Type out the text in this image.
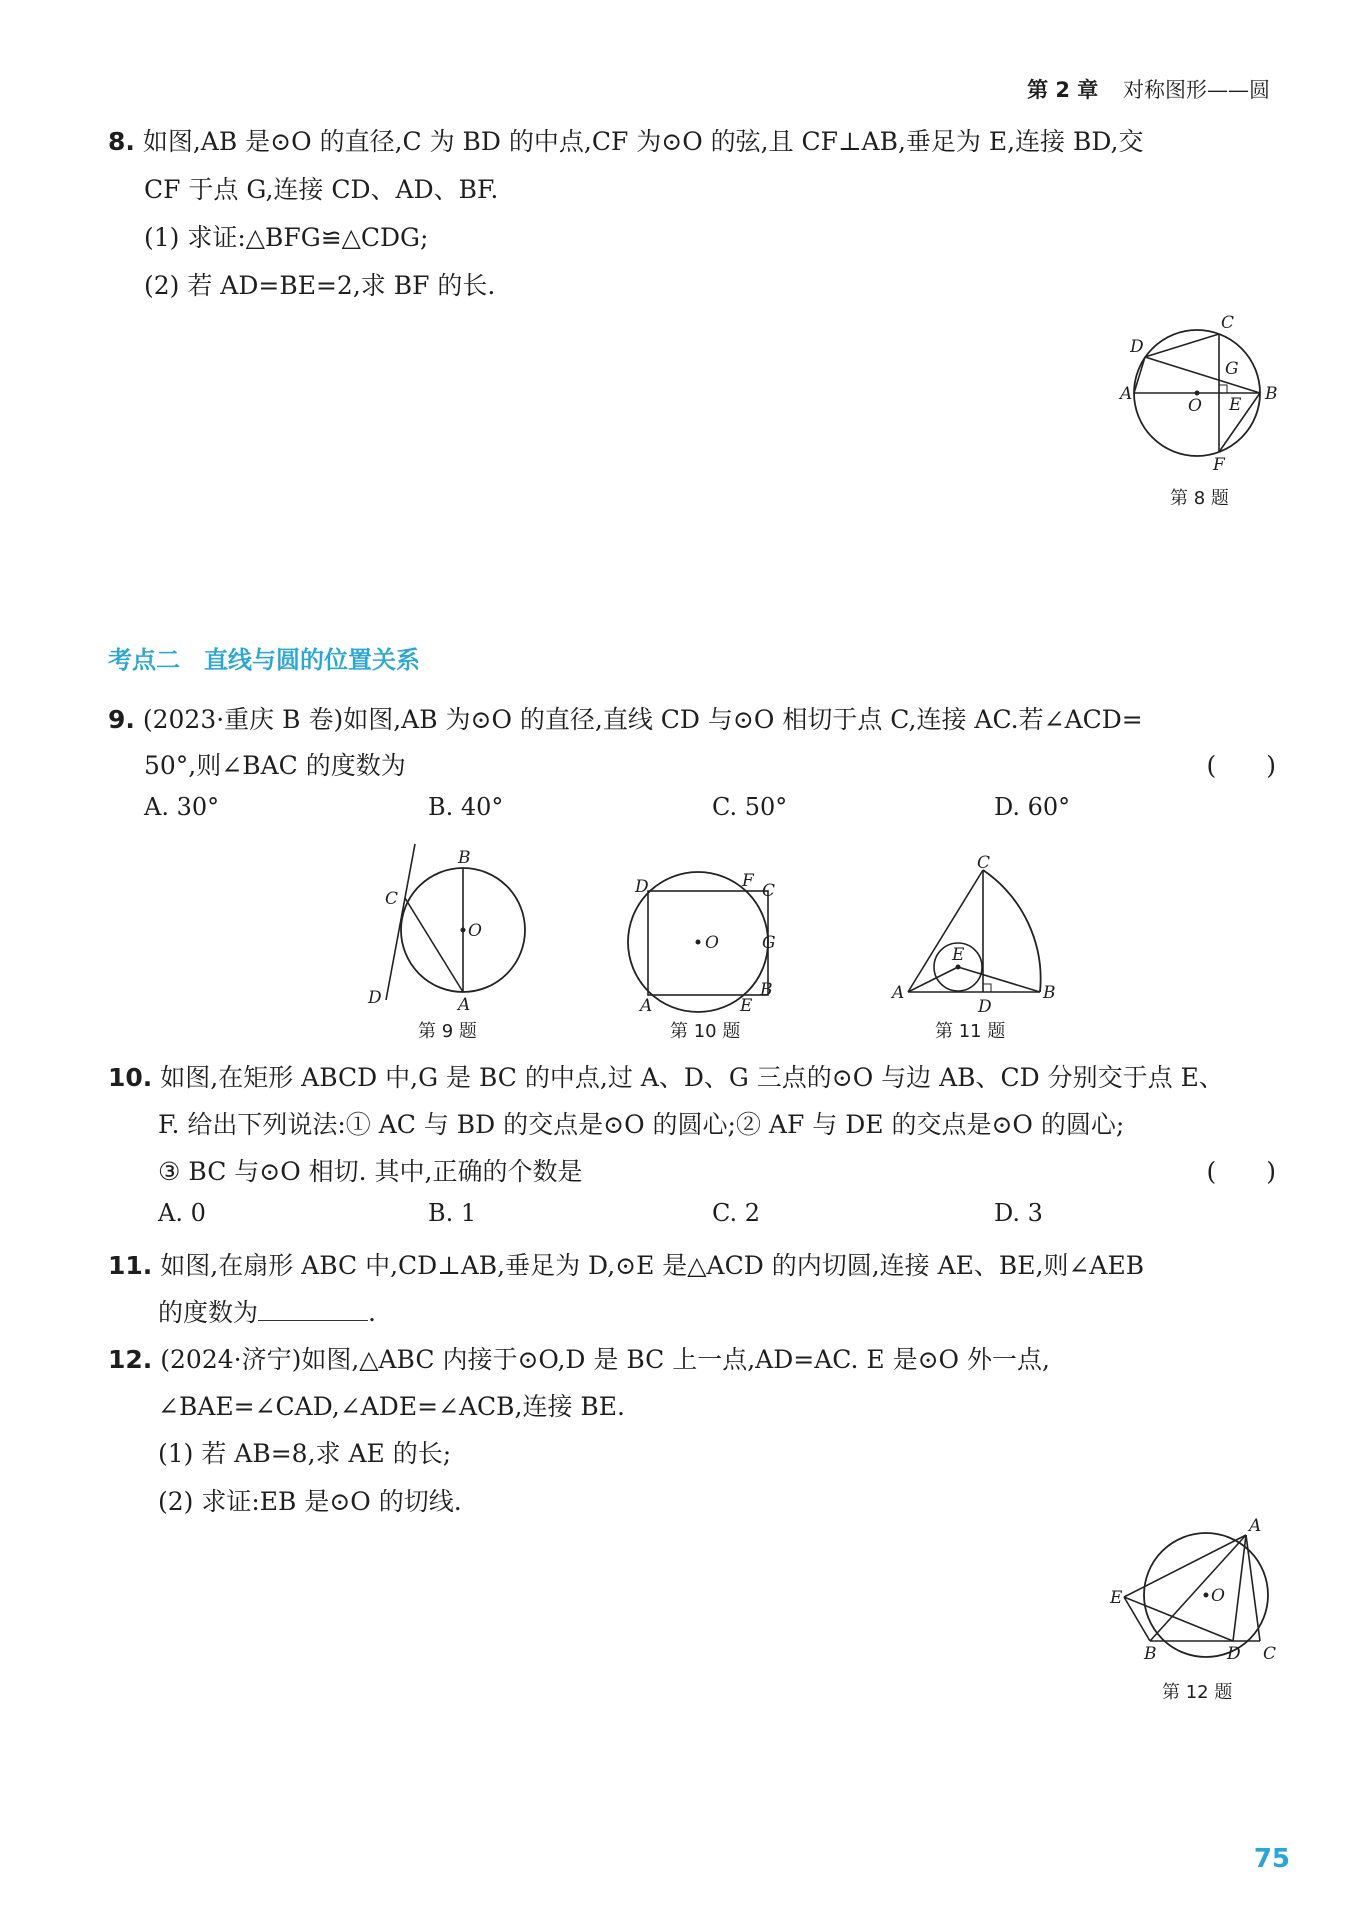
第 2 章 对称图形——圆
8. 如图,AB 是⊙O 的直径,C 为 BD 的中点,CF 为⊙O 的弦,且 CF⊥AB,垂足为 E,连接 BD,交
CF 于点 G,连接 CD、AD、BF.
(1) 求证:△BFG≌△CDG;
(2) 若 AD=BE=2,求 BF 的长.
A	B
C
D
E
F
G
O
第 8 题
考点二　直线与圆的位置关系
9. (2023·重庆 B 卷)如图,AB 为⊙O 的直径,直线 CD 与⊙O 相切于点 C,连接 AC.若∠ACD=
50°,则∠BAC 的度数为	(　　)
A. 30°	B. 40°	C. 50°	D. 60°
B
C
O
D	A
第 9 题
D	F C
G
O
B
A	E
第 10 题
C
E
A	B
D
第 11 题
10. 如图,在矩形 ABCD 中,G 是 BC 的中点,过 A、D、G 三点的⊙O 与边 AB、CD 分别交于点 E、
F. 给出下列说法:① AC 与 BD 的交点是⊙O 的圆心;② AF 与 DE 的交点是⊙O 的圆心;
③ BC 与⊙O 相切. 其中,正确的个数是	(　　)
A. 0	B. 1	C. 2	D. 3
11. 如图,在扇形 ABC 中,CD⊥AB,垂足为 D,⊙E 是△ACD 的内切圆,连接 AE、BE,则∠AEB
的度数为	.
12. (2024·济宁)如图,△ABC 内接于⊙O,D 是 BC 上一点,AD=AC. E 是⊙O 外一点,
∠BAE=∠CAD,∠ADE=∠ACB,连接 BE.
(1) 若 AB=8,求 AE 的长;
(2) 求证:EB 是⊙O 的切线.
A
E	O
B	D C
第 12 题
75
